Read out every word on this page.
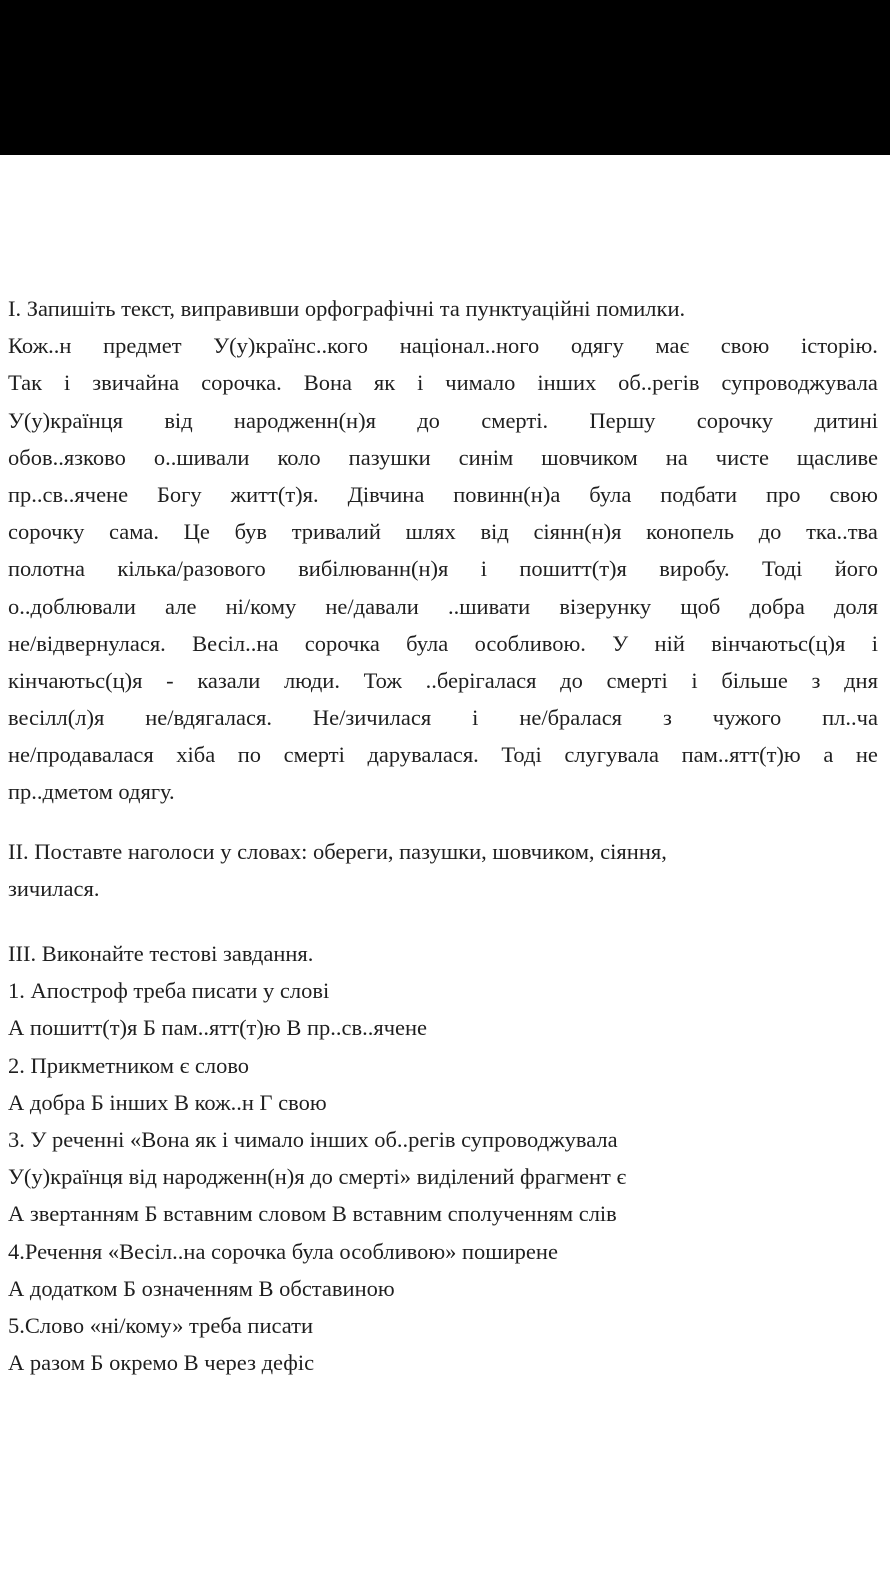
I. Запишіть текст, виправивши орфографічні та пунктуаційні помилки.
Кож..н предмет У(у)країнс..кого націонал..ного одягу має свою історію.
Так і звичайна сорочка. Вона як і чимало інших об..регів супроводжувала
У(у)країнця від народженн(н)я до смерті. Першу сорочку дитині
обов..язково о..шивали коло пазушки синім шовчиком на чисте щасливе
пр..св..ячене Богу житт(т)я. Дівчина повинн(н)а була подбати про свою
сорочку сама. Це був тривалий шлях від сіянн(н)я конопель до тка..тва
полотна кілька/разового вибілюванн(н)я і пошитт(т)я виробу. Тоді його
о..доблювали але ні/кому не/давали ..шивати візерунку щоб добра доля
не/відвернулася. Весіл..на сорочка була особливою. У ній вінчаютьс(ц)я і
кінчаютьс(ц)я - казали люди. Тож ..берігалася до смерті і більше з дня
весілл(л)я не/вдягалася. Не/зичилася і не/бралася з чужого пл..ча
не/продавалася хіба по смерті дарувалася. Тоді слугувала пам..ятт(т)ю а не
пр..дметом одягу.
II. Поставте наголоси у словах: обереги, пазушки, шовчиком, сіяння,
зичилася.
III. Виконайте тестові завдання.
1. Апостроф треба писати у слові
А пошитт(т)я Б пам..ятт(т)ю В пр..св..ячене
2. Прикметником є слово
А добра Б інших В кож..н Г свою
3. У реченні «Вона як і чимало інших об..регів супроводжувала
У(у)країнця від народженн(н)я до смерті» виділений фрагмент є
А звертанням Б вставним словом В вставним сполученням слів
4.Речення «Весіл..на сорочка була особливою» поширене
А додатком Б означенням В обставиною
5.Слово «ні/кому» треба писати
А разом Б окремо В через дефіс
